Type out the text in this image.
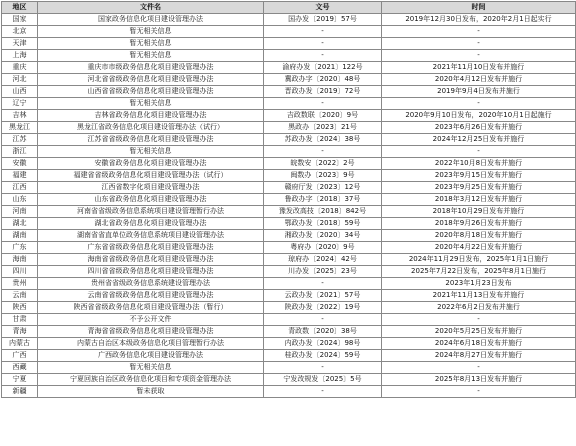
地区	文件名	文号	时间
国家	国家政务信息化项目建设管理办法	国办发〔2019〕57号	2019年12月30日发布，2020年2月1日起实行
北京	暂无相关信息	-	-
天津	暂无相关信息	-	-
上海	暂无相关信息	-	-
重庆	重庆市市级政务信息化项目建设管理办法	渝府办发〔2021〕122号	2021年11月10日发布并施行
河北	河北省省级政务信息化项目建设管理办法	冀政办字〔2020〕48号	2020年4月12日发布并施行
山西	山西省省级政务信息化项目建设管理办法	晋政办发〔2019〕72号	2019年9月4日发布并施行
辽宁	暂无相关信息	-	-
吉林	吉林省政务信息化项目建设管理办法	吉政数联〔2020〕9号	2020年9月10日发布，2020年10月1日起施行
黑龙江	黑龙江省政务信息化项目建设管理办法（试行）	黑政办〔2023〕21号	2023年6月26日发布并施行
江苏	江苏省省级政务信息化项目建设管理办法	苏政办发〔2024〕38号	2024年12月25日发布并施行
浙江	暂无相关信息	-	-
安徽	安徽省政务信息化项目建设管理办法	皖数安〔2022〕2号	2022年10月8日发布并施行
福建	福建省省级政务信息化项目建设管理办法（试行）	闽数办〔2023〕9号	2023年9月15日发布并施行
江西	江西省数字化项目建设管理办法	赣府厅发〔2023〕12号	2023年9月25日发布并施行
山东	山东省政务信息化项目建设管理办法	鲁政办字〔2018〕37号	2018年3月12日发布并施行
河南	河南省省级政务信息系统项目建设管理暂行办法	豫发改高技〔2018〕842号	2018年10月29日发布并施行
湖北	湖北省政务信息化项目建设管理办法	鄂政办发〔2018〕59号	2018年9月26日发布并施行
湖南	湖南省省直单位政务信息系统项目建设管理办法	湘政办发〔2020〕34号	2020年8月18日发布并施行
广东	广东省省级政务信息化项目建设管理办法	粤府办〔2020〕9号	2020年4月22日发布并施行
海南	海南省省级政务信息化项目建设管理办法	琼府办〔2024〕42号	2024年11月29日发布，2025年1月1日施行
四川	四川省省级政务信息化项目建设管理办法	川办发〔2025〕23号	2025年7月22日发布，2025年8月1日施行
贵州	贵州省省级政务信息系统建设管理办法	-	2023年1月23日发布
云南	云南省省级政务信息化项目建设管理办法	云政办发〔2021〕57号	2021年11月13日发布并施行
陕西	陕西省省级政务信息化项目建设管理办法（暂行）	陕政办发〔2022〕19号	2022年6月2日发布并施行
甘肃	不予公开文件	-	-
青海	青海省省级政务信息化项目建设管理办法	青政数〔2020〕38号	2020年5月25日发布并施行
内蒙古	内蒙古自治区本级政务信息化项目管理暂行办法	内政办发〔2024〕98号	2024年6月18日发布并施行
广西	广西政务信息化项目建设管理办法	桂政办发〔2024〕59号	2024年8月27日发布并施行
西藏	暂无相关信息	-	-
宁夏	宁夏回族自治区政务信息化项目和专项资金管理办法	宁发改规发〔2025〕5号	2025年8月13日发布并施行
新疆	暂未获取	-	-
